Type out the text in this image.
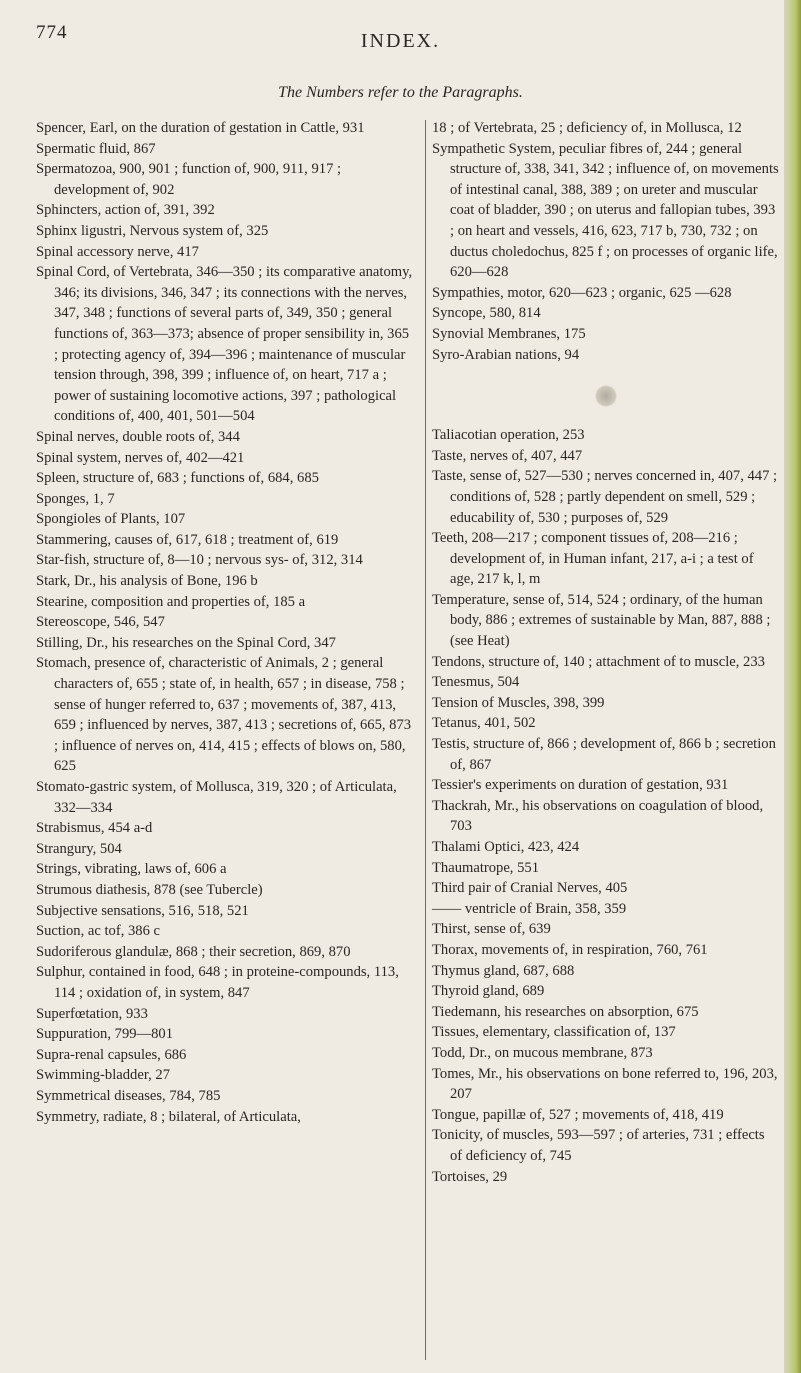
774	INDEX.
The Numbers refer to the Paragraphs.
Spencer, Earl, on the duration of gestation in Cattle, 931
Spermatic fluid, 867
Spermatozoa, 900, 901 ; function of, 900, 911, 917 ; development of, 902
Sphincters, action of, 391, 392
Sphinx ligustri, Nervous system of, 325
Spinal accessory nerve, 417
Spinal Cord, of Vertebrata, 346—350 ; its comparative anatomy, 346; its divisions, 346, 347 ; its connections with the nerves, 347, 348 ; functions of several parts of, 349, 350 ; general functions of, 363—373; absence of proper sensibility in, 365 ; protecting agency of, 394—396 ; maintenance of muscular tension through, 398, 399 ; influence of, on heart, 717 a ; power of sustaining locomotive actions, 397 ; pathological conditions of, 400, 401, 501—504
Spinal nerves, double roots of, 344
Spinal system, nerves of, 402—421
Spleen, structure of, 683 ; functions of, 684, 685
Sponges, 1, 7
Spongioles of Plants, 107
Stammering, causes of, 617, 618 ; treatment of, 619
Star-fish, structure of, 8—10 ; nervous sys- of, 312, 314
Stark, Dr., his analysis of Bone, 196 b
Stearine, composition and properties of, 185 a
Stereoscope, 546, 547
Stilling, Dr., his researches on the Spinal Cord, 347
Stomach, presence of, characteristic of Animals, 2 ; general characters of, 655 ; state of, in health, 657 ; in disease, 758 ; sense of hunger referred to, 637 ; movements of, 387, 413, 659 ; influenced by nerves, 387, 413 ; secretions of, 665, 873 ; influence of nerves on, 414, 415 ; effects of blows on, 580, 625
Stomato-gastric system, of Mollusca, 319, 320 ; of Articulata, 332—334
Strabismus, 454 a-d
Strangury, 504
Strings, vibrating, laws of, 606 a
Strumous diathesis, 878 (see Tubercle)
Subjective sensations, 516, 518, 521
Suction, ac tof, 386 c
Sudoriferous glandulæ, 868 ; their secretion, 869, 870
Sulphur, contained in food, 648 ; in proteine-compounds, 113, 114 ; oxidation of, in system, 847
Superfœtation, 933
Suppuration, 799—801
Supra-renal capsules, 686
Swimming-bladder, 27
Symmetrical diseases, 784, 785
Symmetry, radiate, 8 ; bilateral, of Articulata,
18 ; of Vertebrata, 25 ; deficiency of, in Mollusca, 12
Sympathetic System, peculiar fibres of, 244 ; general structure of, 338, 341, 342 ; influence of, on movements of intestinal canal, 388, 389 ; on ureter and muscular coat of bladder, 390 ; on uterus and fallopian tubes, 393 ; on heart and vessels, 416, 623, 717 b, 730, 732 ; on ductus choledochus, 825 f ; on processes of organic life, 620—628
Sympathies, motor, 620—623 ; organic, 625 —628
Syncope, 580, 814
Synovial Membranes, 175
Syro-Arabian nations, 94
Taliacotian operation, 253
Taste, nerves of, 407, 447
Taste, sense of, 527—530 ; nerves concerned in, 407, 447 ; conditions of, 528 ; partly dependent on smell, 529 ; educability of, 530 ; purposes of, 529
Teeth, 208—217 ; component tissues of, 208—216 ; development of, in Human infant, 217, a-i ; a test of age, 217 k, l, m
Temperature, sense of, 514, 524 ; ordinary, of the human body, 886 ; extremes of sustainable by Man, 887, 888 ; (see Heat)
Tendons, structure of, 140 ; attachment of to muscle, 233
Tenesmus, 504
Tension of Muscles, 398, 399
Tetanus, 401, 502
Testis, structure of, 866 ; development of, 866 b ; secretion of, 867
Tessier's experiments on duration of gestation, 931
Thackrah, Mr., his observations on coagulation of blood, 703
Thalami Optici, 423, 424
Thaumatrope, 551
Third pair of Cranial Nerves, 405
—— ventricle of Brain, 358, 359
Thirst, sense of, 639
Thorax, movements of, in respiration, 760, 761
Thymus gland, 687, 688
Thyroid gland, 689
Tiedemann, his researches on absorption, 675
Tissues, elementary, classification of, 137
Todd, Dr., on mucous membrane, 873
Tomes, Mr., his observations on bone referred to, 196, 203, 207
Tongue, papillæ of, 527 ; movements of, 418, 419
Tonicity, of muscles, 593—597 ; of arteries, 731 ; effects of deficiency of, 745
Tortoises, 29
